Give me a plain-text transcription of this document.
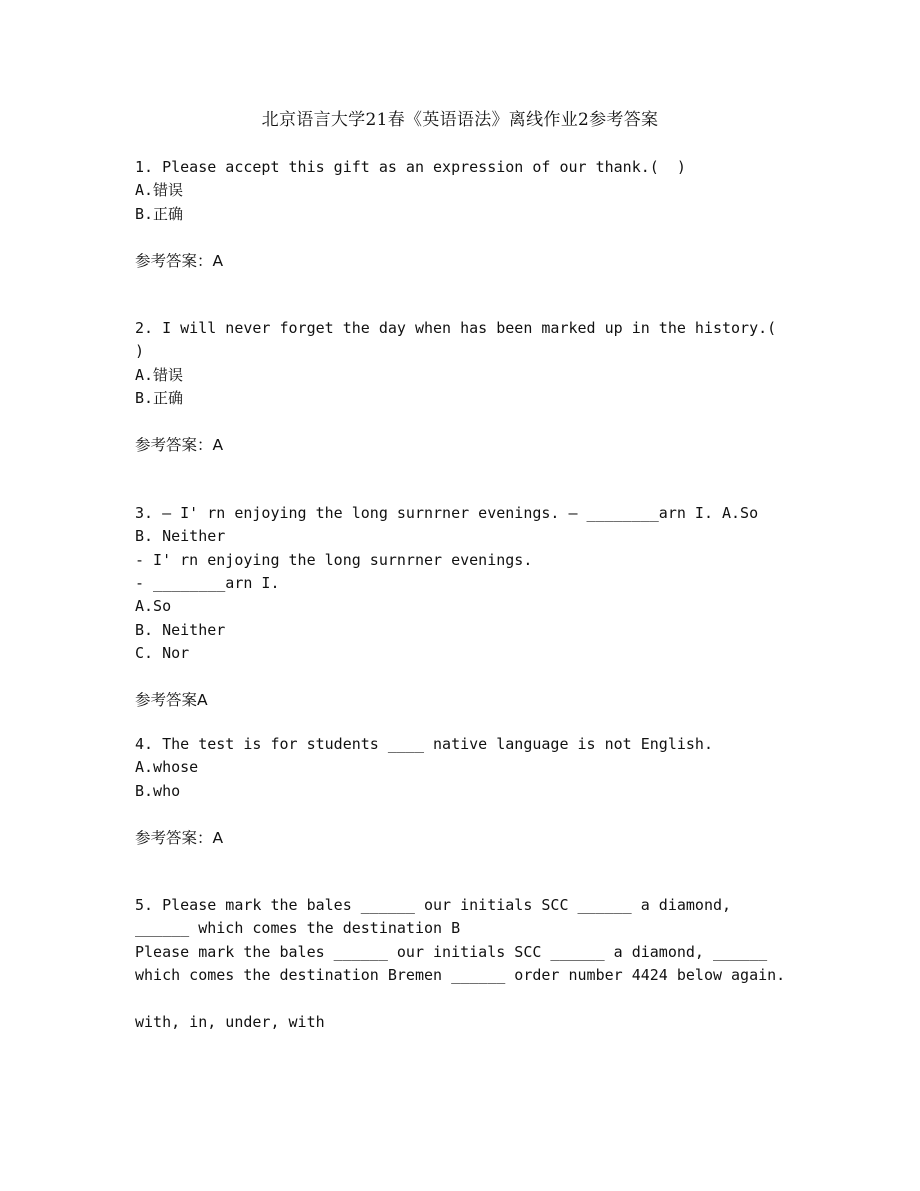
北京语言大学21春《英语语法》离线作业2参考答案
1. Please accept this gift as an expression of our thank.(  )
A.错误
B.正确
参考答案：A
2. I will never forget the day when has been marked up in the history.(
)
A.错误
B.正确
参考答案：A
3. — I' rn enjoying the long surnrner evenings. — ________arn I. A.So
B. Neither
- I' rn enjoying the long surnrner evenings.
- ________arn I.
A.So
B. Neither
C. Nor
参考答案A
4. The test is for students ____ native language is not English.
A.whose
B.who
参考答案：A
5. Please mark the bales ______ our initials SCC ______ a diamond,
______ which comes the destination B
Please mark the bales ______ our initials SCC ______ a diamond, ______
which comes the destination Bremen ______ order number 4424 below again.
with, in, under, with
